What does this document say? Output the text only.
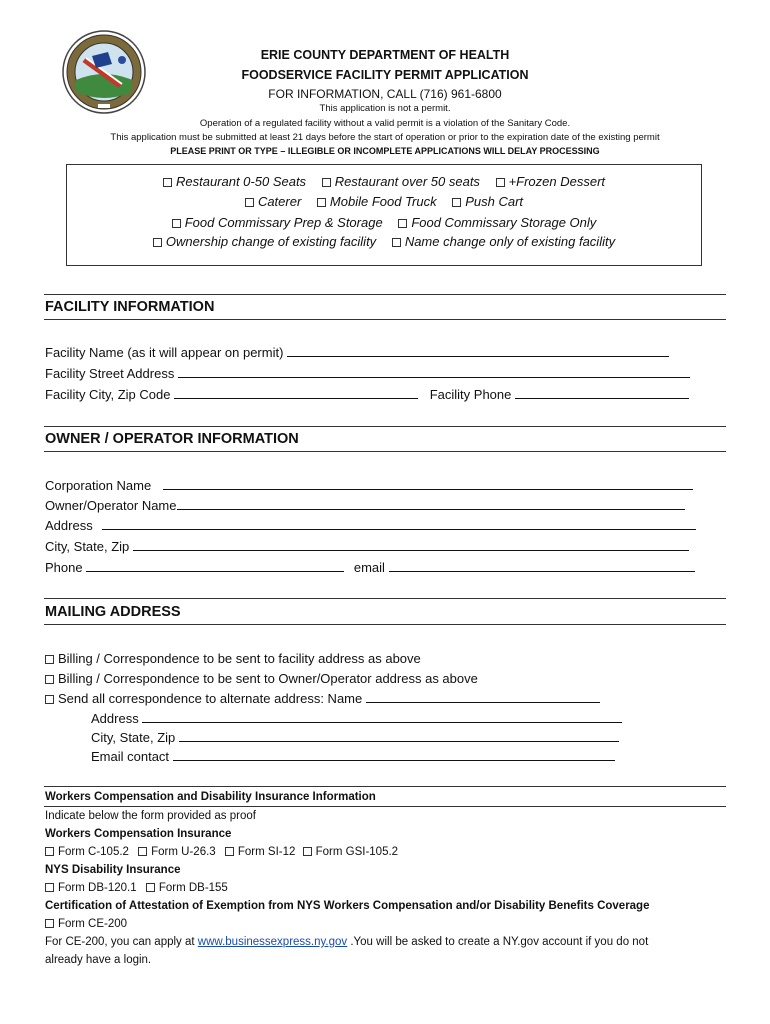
ERIE COUNTY DEPARTMENT OF HEALTH
FOODSERVICE FACILITY PERMIT APPLICATION
FOR INFORMATION, CALL (716) 961-6800
This application is not a permit.
Operation of a regulated facility without a valid permit is a violation of the Sanitary Code.
This application must be submitted at least 21 days before the start of operation or prior to the expiration date of the existing permit
PLEASE PRINT OR TYPE – ILLEGIBLE OR INCOMPLETE APPLICATIONS WILL DELAY PROCESSING
Restaurant 0-50 Seats Restaurant over 50 seats +Frozen Dessert
Caterer Mobile Food Truck Push Cart
Food Commissary Prep & Storage Food Commissary Storage Only
Ownership change of existing facility Name change only of existing facility
FACILITY INFORMATION
Facility Name (as it will appear on permit)
Facility Street Address
Facility City, Zip Code	Facility Phone
OWNER / OPERATOR INFORMATION
Corporation Name
Owner/Operator Name
Address
City, State, Zip
Phone	email
MAILING ADDRESS
Billing / Correspondence to be sent to facility address as above
Billing / Correspondence to be sent to Owner/Operator address as above
Send all correspondence to alternate address: Name
Address
City, State, Zip
Email contact
Workers Compensation and Disability Insurance Information
Indicate below the form provided as proof
Workers Compensation Insurance
Form C-105.2 Form U-26.3 Form SI-12 Form GSI-105.2
NYS Disability Insurance
Form DB-120.1 Form DB-155
Certification of Attestation of Exemption from NYS Workers Compensation and/or Disability Benefits Coverage
Form CE-200
For CE-200, you can apply at www.businessexpress.ny.gov .You will be asked to create a NY.gov account if you do not
already have a login.
